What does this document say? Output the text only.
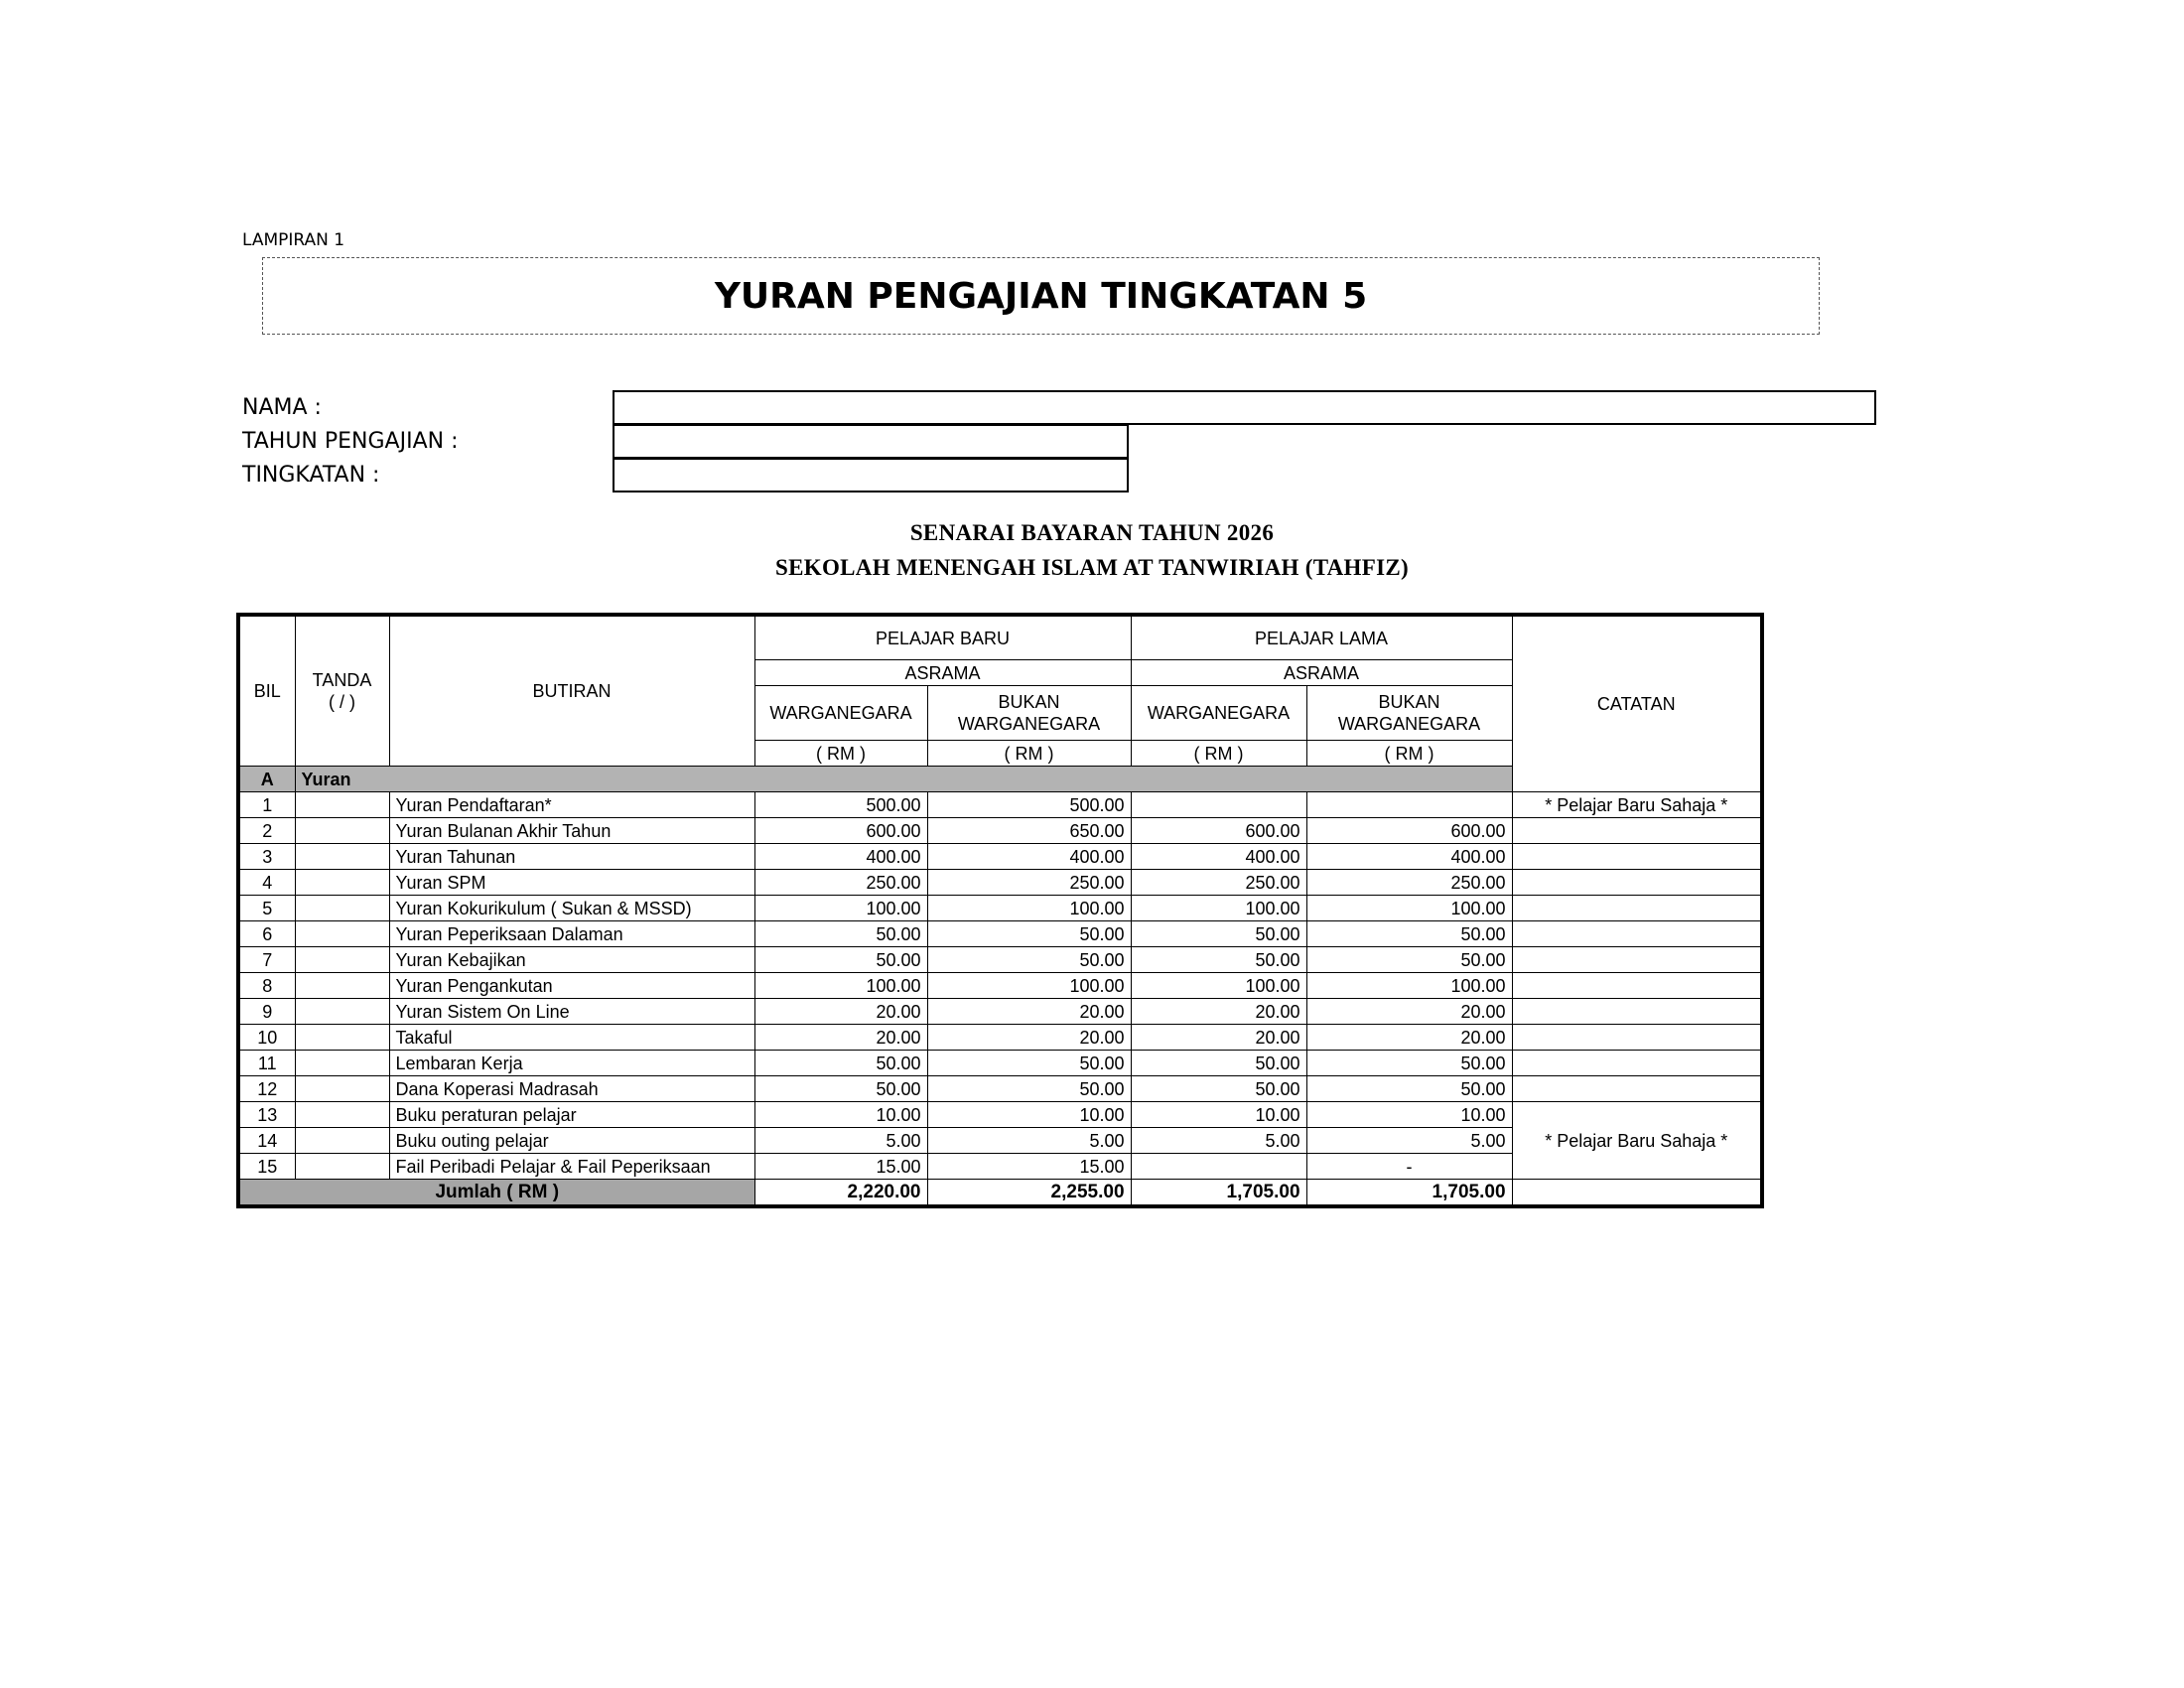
LAMPIRAN 1
YURAN PENGAJIAN TINGKATAN 5
NAMA :
TAHUN PENGAJIAN :
TINGKATAN :
SENARAI BAYARAN TAHUN 2026
SEKOLAH MENENGAH ISLAM AT TANWIRIAH (TAHFIZ)
BIL	TANDA
( / )	BUTIRAN	PELAJAR BARU		PELAJAR LAMA		CATATAN
			ASRAMA		ASRAMA		
			WARGANEGARA	BUKAN WARGANEGARA	WARGANEGARA	BUKAN WARGANEGARA	
			( RM )	( RM )	( RM )	( RM )	
A	Yuran						
1		Yuran Pendaftaran*	500.00	500.00			* Pelajar Baru Sahaja *
2		Yuran Bulanan Akhir Tahun	600.00	650.00	600.00	600.00	
3		Yuran Tahunan	400.00	400.00	400.00	400.00	
4		Yuran SPM	250.00	250.00	250.00	250.00	
5		Yuran Kokurikulum ( Sukan & MSSD)	100.00	100.00	100.00	100.00	
6		Yuran Peperiksaan Dalaman	50.00	50.00	50.00	50.00	
7		Yuran Kebajikan	50.00	50.00	50.00	50.00	
8		Yuran Pengankutan	100.00	100.00	100.00	100.00	
9		Yuran Sistem On Line	20.00	20.00	20.00	20.00	
10		Takaful	20.00	20.00	20.00	20.00	
11		Lembaran Kerja	50.00	50.00	50.00	50.00	
12		Dana Koperasi Madrasah	50.00	50.00	50.00	50.00	
13		Buku peraturan pelajar	10.00	10.00	10.00	10.00	* Pelajar Baru Sahaja *
14		Buku outing pelajar	5.00	5.00	5.00	5.00	
15		Fail Peribadi Pelajar & Fail Peperiksaan	15.00	15.00		-	
Jumlah ( RM )			2,220.00	2,255.00	1,705.00	1,705.00	
